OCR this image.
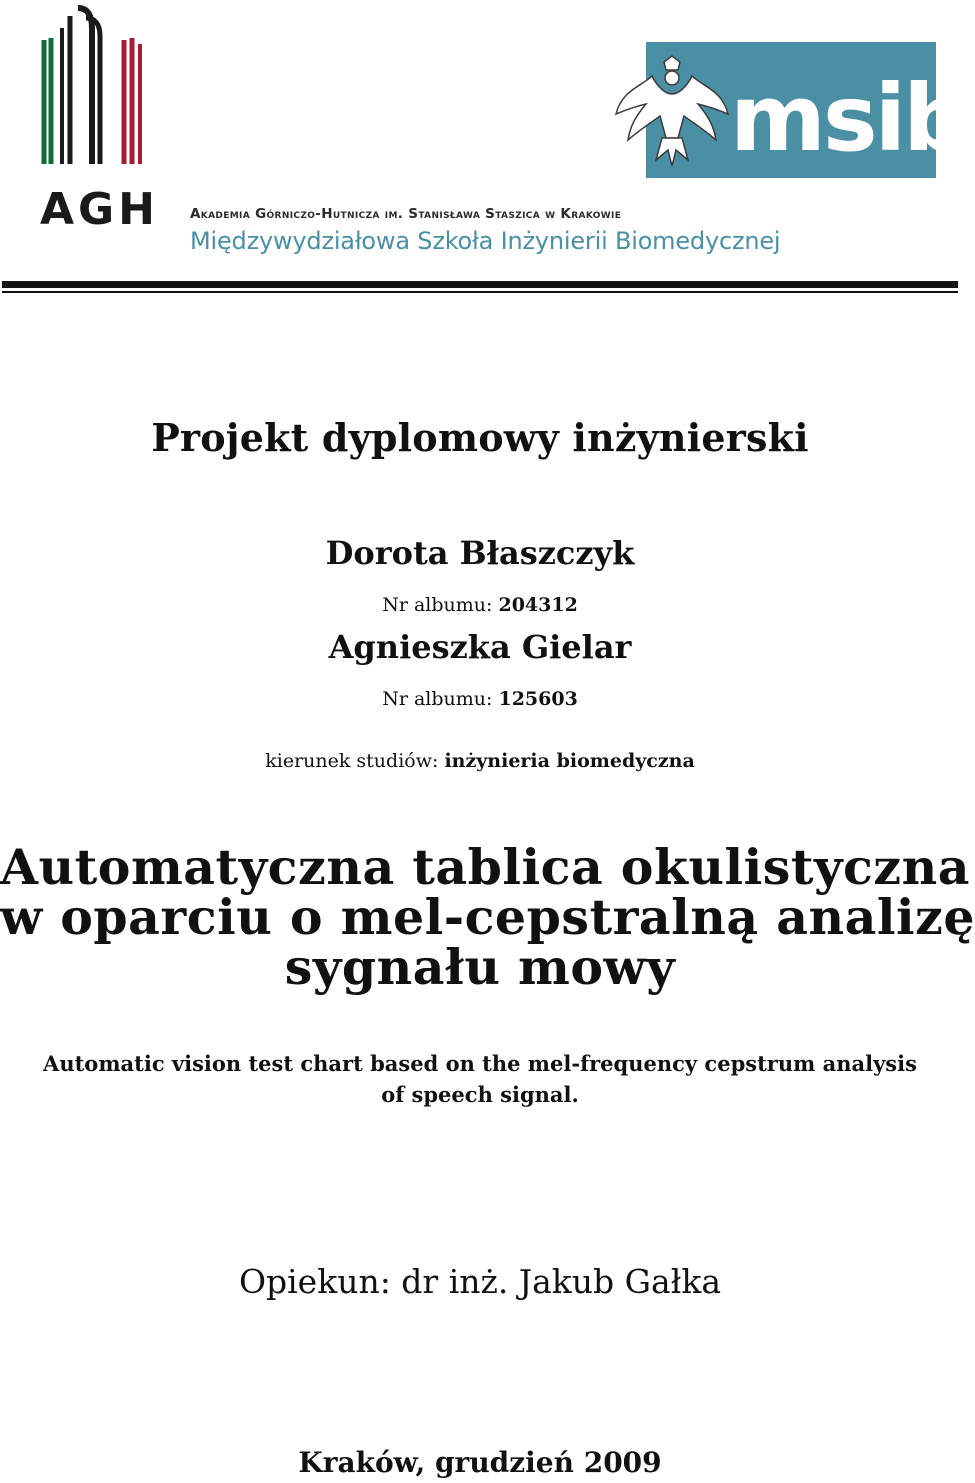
AGH
msib
Akademia Górniczo-Hutnicza im. Stanisława Staszica w Krakowie
Międzywydziałowa Szkoła Inżynierii Biomedycznej
Projekt dyplomowy inżynierski
Dorota Błaszczyk
Nr albumu: 204312
Agnieszka Gielar
Nr albumu: 125603
kierunek studiów: inżynieria biomedyczna
Automatyczna tablica okulistyczna
w oparciu o mel-cepstralną analizę
sygnału mowy
Automatic vision test chart based on the mel-frequency cepstrum analysis
of speech signal.
Opiekun: dr inż. Jakub Gałka
Kraków, grudzień 2009
